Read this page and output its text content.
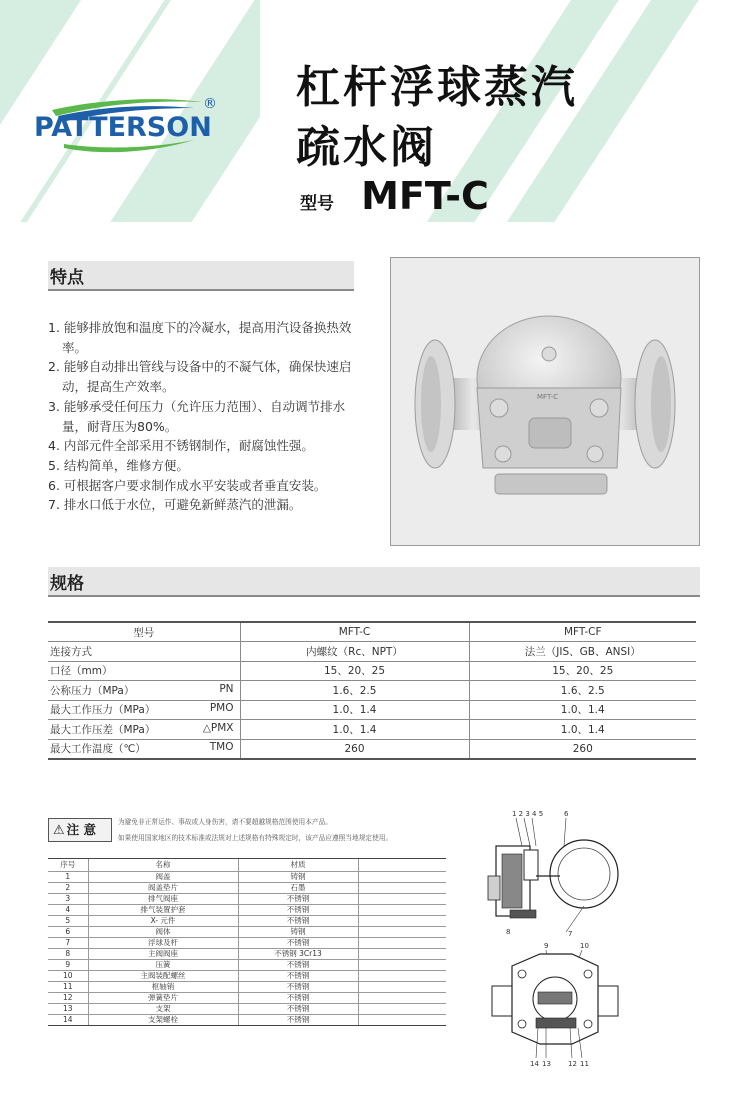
PATTERSON
® 杠杆浮球蒸汽
疏水阀
型号 MFT-C
特点
1. 能够排放饱和温度下的冷凝水，提高用汽设备换热效率。
2. 能够自动排出管线与设备中的不凝气体，确保快速启动，提高生产效率。
3. 能够承受任何压力（允许压力范围）、自动调节排水量，耐背压为80%。
4. 内部元件全部采用不锈钢制作，耐腐蚀性强。
5. 结构简单，维修方便。
6. 可根据客户要求制作成水平安装或者垂直安装。
7. 排水口低于水位，可避免新鲜蒸汽的泄漏。
MFT-C
规格
型号	MFT-C	MFT-CF

连接方式	内螺纹（Rc、NPT）	法兰（JIS、GB、ANSI）

口径（mm）	15、20、25	15、20、25

公称压力（MPa） PN	1.6、2.5	1.6、2.5

最大工作压力（MPa） PMO	1.0、1.4	1.0、1.4

最大工作压差（MPa） △PMX	1.0、1.4	1.0、1.4

最大工作温度（℃） TMO	260	260
⚠ 注 意	为避免非正常运作、事故或人身伤害，请不要超越规格范围使用本产品。
如果使用国家地区的技术标准或法规对上述规格有特殊规定时，该产品应遵照当地规定使用。
序号	名称	材质	
1	阀盖	铸钢	
2	阀盖垫片	石墨	
3	排气阀座	不锈钢	
4	排气装置护套	不锈钢	
5	X- 元件	不锈钢	
6	阀体	铸钢	
7	浮球及杆	不锈钢	
8	主阀阀座	不锈钢 3Cr13	
9	压簧	不锈钢	
10	主阀装配螺丝	不锈钢	
11	枢轴销	不锈钢	
12	弹簧垫片	不锈钢	
13	支架	不锈钢	
14	支架螺栓	不锈钢	
1 2 3 4 5	6
7
8
9	10
14 13 12 11
